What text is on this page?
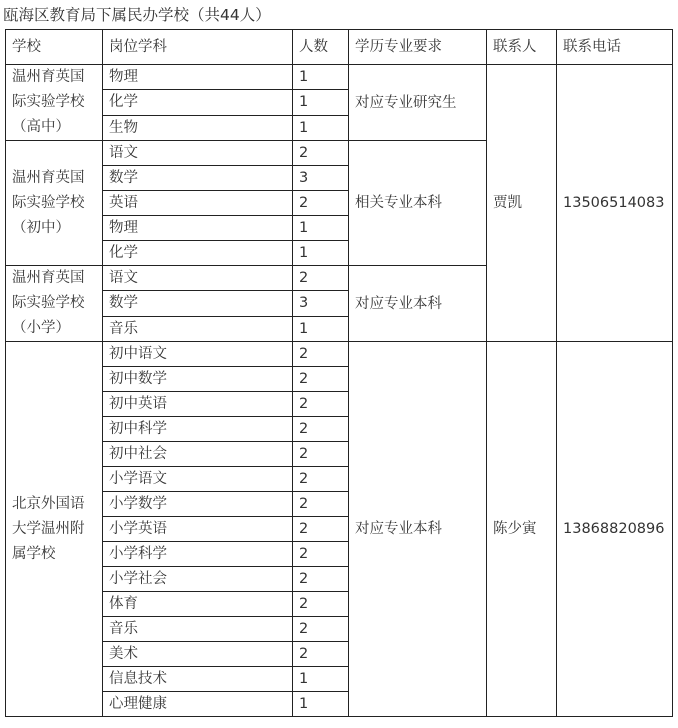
瓯海区教育局下属民办学校（共44人）
学校	岗位学科	人数	学历专业要求	联系人	联系电话
温州育英国际实验学校（高中）	物理	1	对应专业研究生	贾凯	13506514083
	化学	1			
	生物	1			
温州育英国际实验学校（初中）	语文	2	相关专业本科		
	数学	3			
	英语	2			
	物理	1			
	化学	1			
温州育英国际实验学校（小学）	语文	2	对应专业本科		
	数学	3			
	音乐	1			
北京外国语大学温州附属学校	初中语文	2	对应专业本科	陈少寅	13868820896
	初中数学	2			
	初中英语	2			
	初中科学	2			
	初中社会	2			
	小学语文	2			
	小学数学	2			
	小学英语	2			
	小学科学	2			
	小学社会	2			
	体育	2			
	音乐	2			
	美术	2			
	信息技术	1			
	心理健康	1			
